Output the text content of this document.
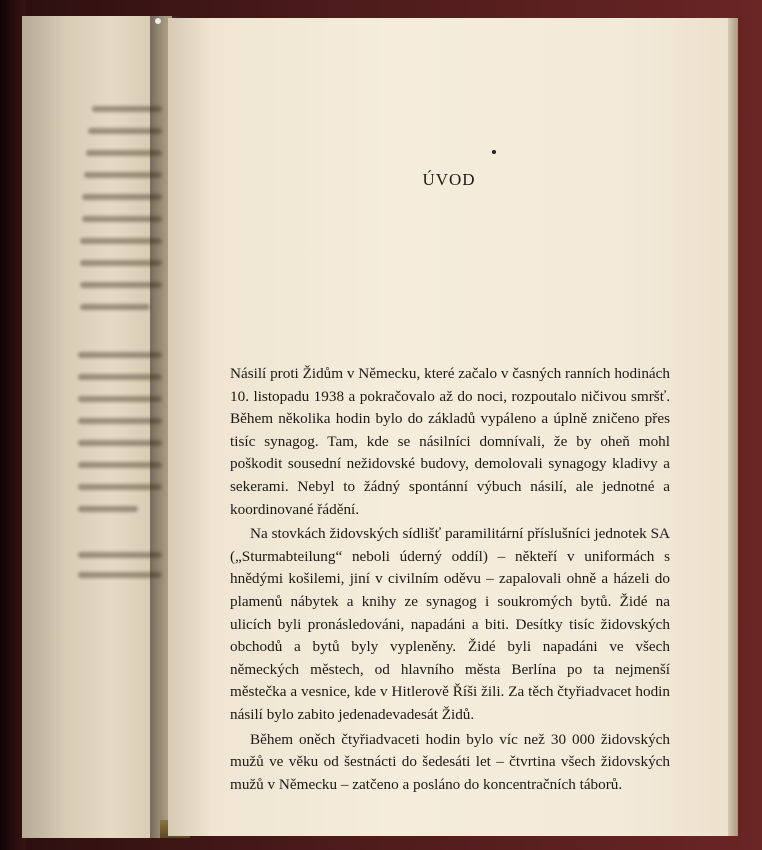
ÚVOD

Násilí proti Židům v Německu, které začalo v časných ranních hodinách 10. listopadu 1938 a pokračovalo až do noci, rozpoutalo ničivou smršť. Během několika hodin bylo do základů vypáleno a úplně zničeno přes tisíc synagog. Tam, kde se násilníci domnívali, že by oheň mohl poškodit sousední nežidovské budovy, demolovali synagogy kladivy a sekerami. Nebyl to žádný spontánní výbuch násilí, ale jednotné a koordinované řádění.

Na stovkách židovských sídlišť paramilitární příslušníci jednotek SA („Sturmabteilung“ neboli úderný oddíl) – někteří v uniformách s hnědými košilemi, jiní v civilním oděvu – zapalovali ohně a házeli do plamenů nábytek a knihy ze synagog i soukromých bytů. Židé na ulicích byli pronásledováni, napadáni a biti. Desítky tisíc židovských obchodů a bytů byly vypleněny. Židé byli napadáni ve všech německých městech, od hlavního města Berlína po ta nejmenší městečka a vesnice, kde v Hitlerově Říši žili. Za těch čtyřiadvacet hodin násilí bylo zabito jedenadevadesát Židů.

Během oněch čtyřiadvaceti hodin bylo víc než 30 000 židovských mužů ve věku od šestnácti do šedesáti let – čtvrtina všech židovských mužů v Německu – zatčeno a posláno do koncentračních táborů.
